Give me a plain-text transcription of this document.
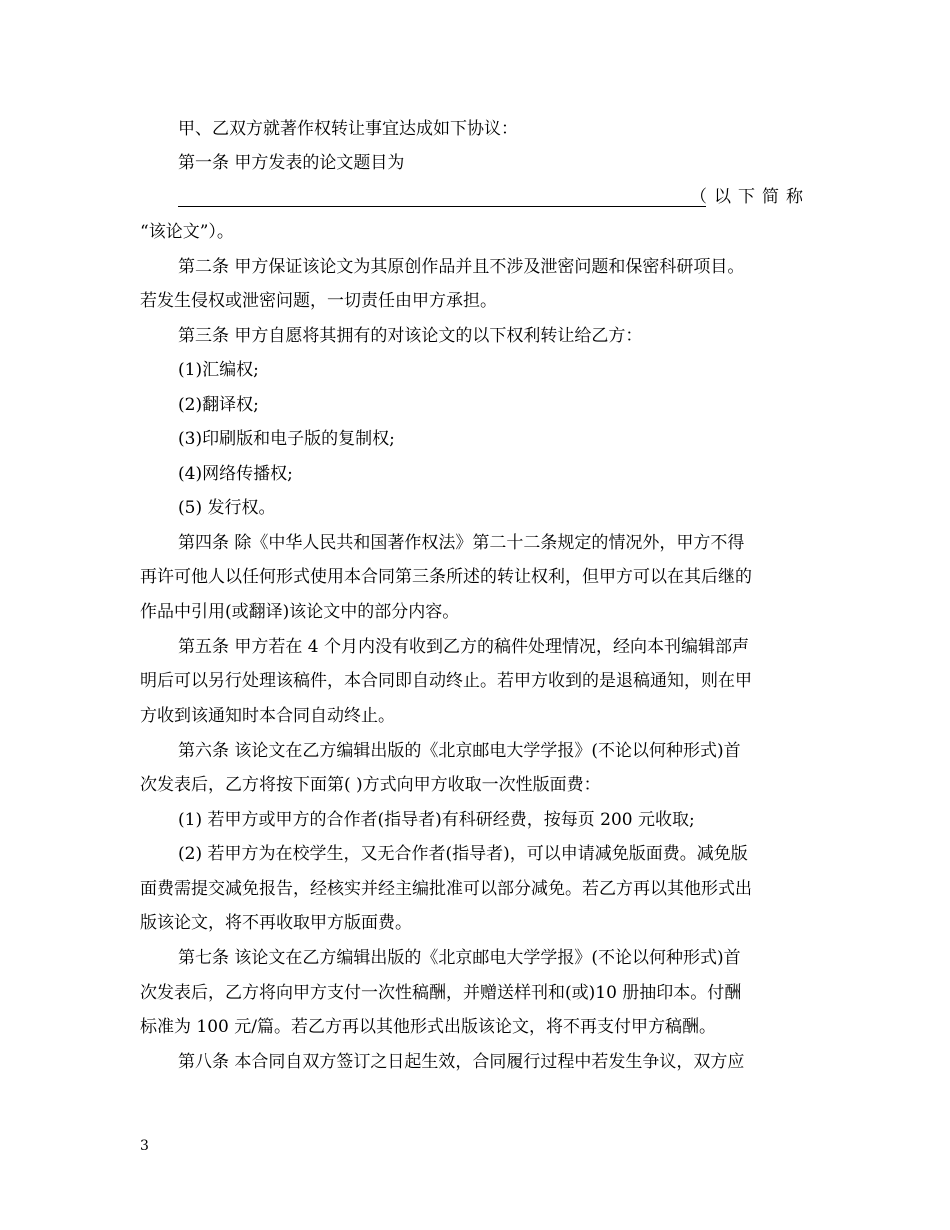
甲、乙双方就著作权转让事宜达成如下协议：
第一条 甲方发表的论文题目为
（以下简称
“该论文”）。
第二条 甲方保证该论文为其原创作品并且不涉及泄密问题和保密科研项目。
若发生侵权或泄密问题，一切责任由甲方承担。
第三条 甲方自愿将其拥有的对该论文的以下权利转让给乙方：
(1)汇编权;
(2)翻译权;
(3)印刷版和电子版的复制权;
(4)网络传播权;
(5) 发行权。
第四条 除《中华人民共和国著作权法》第二十二条规定的情况外，甲方不得
再许可他人以任何形式使用本合同第三条所述的转让权利，但甲方可以在其后继的
作品中引用(或翻译)该论文中的部分内容。
第五条 甲方若在 4 个月内没有收到乙方的稿件处理情况，经向本刊编辑部声
明后可以另行处理该稿件，本合同即自动终止。若甲方收到的是退稿通知，则在甲
方收到该通知时本合同自动终止。
第六条 该论文在乙方编辑出版的《北京邮电大学学报》(不论以何种形式)首
次发表后，乙方将按下面第( )方式向甲方收取一次性版面费：
(1) 若甲方或甲方的合作者(指导者)有科研经费，按每页 200 元收取;
(2) 若甲方为在校学生，又无合作者(指导者)，可以申请减免版面费。减免版
面费需提交减免报告，经核实并经主编批准可以部分减免。若乙方再以其他形式出
版该论文，将不再收取甲方版面费。
第七条 该论文在乙方编辑出版的《北京邮电大学学报》(不论以何种形式)首
次发表后，乙方将向甲方支付一次性稿酬，并赠送样刊和(或)10 册抽印本。付酬
标准为 100 元/篇。若乙方再以其他形式出版该论文，将不再支付甲方稿酬。
第八条 本合同自双方签订之日起生效，合同履行过程中若发生争议，双方应
3
